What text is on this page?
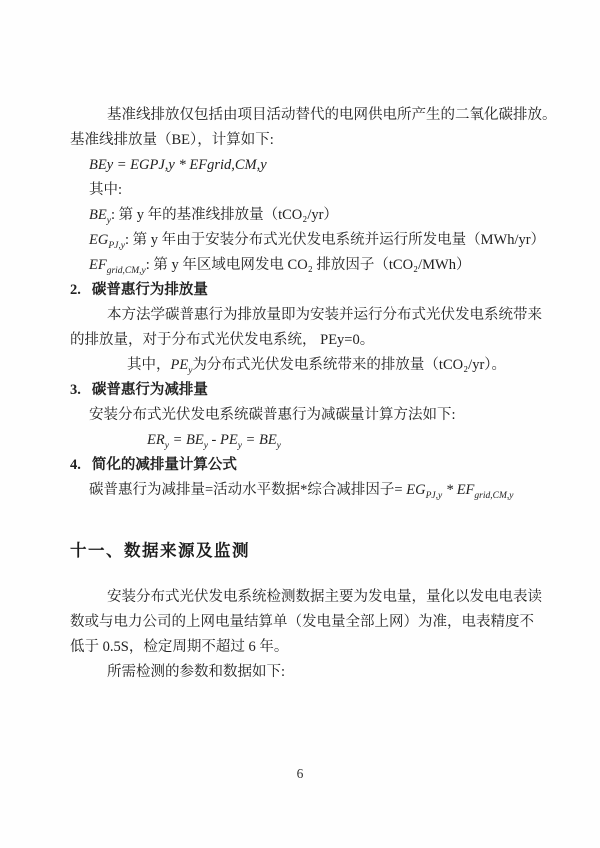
基准线排放仅包括由项目活动替代的电网供电所产生的二氧化碳排放。
基准线排放量（BE），计算如下:
BEy = EGPJ,y * EFgrid,CM,y
其中:
$BE_y$: 第 y 年的基准线排放量（tCO₂/yr）
$EG_{PJ,y}$: 第 y 年由于安装分布式光伏发电系统并运行所发电量（MWh/yr）
$EF_{grid,CM,y}$: 第 y 年区域电网发电 CO₂ 排放因子（tCO₂/MWh）
2. 碳普惠行为排放量
本方法学碳普惠行为排放量即为安装并运行分布式光伏发电系统带来
的排放量，对于分布式光伏发电系统， PEy=0。
其中，$PE_y$为分布式光伏发电系统带来的排放量（tCO₂/yr）。
3. 碳普惠行为减排量
安装分布式光伏发电系统碳普惠行为减碳量计算方法如下:
$ER_y = BE_y - PE_y = BE_y$
4. 简化的减排量计算公式
碳普惠行为减排量=活动水平数据*综合减排因子= $EG_{PJ,y} * EF_{grid,CM,y}$
十一、数据来源及监测
安装分布式光伏发电系统检测数据主要为发电量，量化以发电电表读
数或与电力公司的上网电量结算单（发电量全部上网）为准，电表精度不
低于 0.5S，检定周期不超过 6 年。
所需检测的参数和数据如下:
6
